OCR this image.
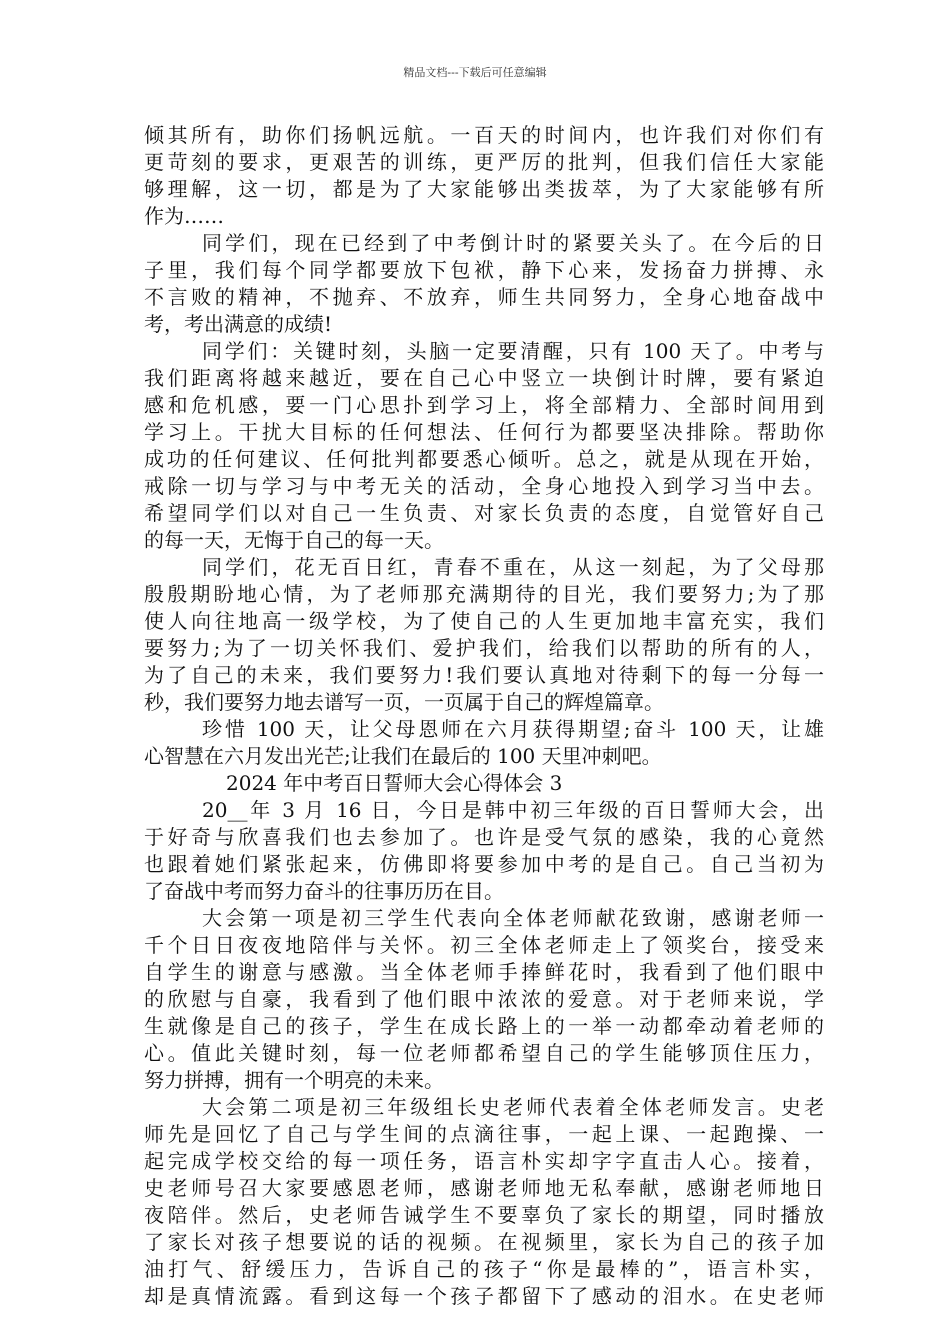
精品文档---下载后可任意编辑
倾其所有，助你们扬帆远航。一百天的时间内，也许我们对你们有
更苛刻的要求，更艰苦的训练，更严厉的批判，但我们信任大家能
够理解，这一切，都是为了大家能够出类拔萃，为了大家能够有所
作为……
同学们，现在已经到了中考倒计时的紧要关头了。在今后的日
子里，我们每个同学都要放下包袱，静下心来，发扬奋力拼搏、永
不言败的精神，不抛弃、不放弃，师生共同努力，全身心地奋战中
考，考出满意的成绩!
同学们：关键时刻，头脑一定要清醒，只有 100 天了。中考与
我们距离将越来越近，要在自己心中竖立一块倒计时牌，要有紧迫
感和危机感，要一门心思扑到学习上，将全部精力、全部时间用到
学习上。干扰大目标的任何想法、任何行为都要坚决排除。帮助你
成功的任何建议、任何批判都要悉心倾听。总之，就是从现在开始，
戒除一切与学习与中考无关的活动，全身心地投入到学习当中去。
希望同学们以对自己一生负责、对家长负责的态度，自觉管好自己
的每一天，无悔于自己的每一天。
同学们，花无百日红，青春不重在，从这一刻起，为了父母那
殷殷期盼地心情，为了老师那充满期待的目光，我们要努力;为了那
使人向往地高一级学校，为了使自己的人生更加地丰富充实，我们
要努力;为了一切关怀我们、爱护我们，给我们以帮助的所有的人，
为了自己的未来，我们要努力!我们要认真地对待剩下的每一分每一
秒，我们要努力地去谱写一页，一页属于自己的辉煌篇章。
珍惜 100 天，让父母恩师在六月获得期望;奋斗 100 天，让雄
心智慧在六月发出光芒;让我们在最后的 100 天里冲刺吧。
2024 年中考百日誓师大会心得体会 3
20__年 3 月 16 日，今日是韩中初三年级的百日誓师大会，出
于好奇与欣喜我们也去参加了。也许是受气氛的感染，我的心竟然
也跟着她们紧张起来，仿佛即将要参加中考的是自己。自己当初为
了奋战中考而努力奋斗的往事历历在目。
大会第一项是初三学生代表向全体老师献花致谢，感谢老师一
千个日日夜夜地陪伴与关怀。初三全体老师走上了领奖台，接受来
自学生的谢意与感激。当全体老师手捧鲜花时，我看到了他们眼中
的欣慰与自豪，我看到了他们眼中浓浓的爱意。对于老师来说，学
生就像是自己的孩子，学生在成长路上的一举一动都牵动着老师的
心。值此关键时刻，每一位老师都希望自己的学生能够顶住压力，
努力拼搏，拥有一个明亮的未来。
大会第二项是初三年级组长史老师代表着全体老师发言。史老
师先是回忆了自己与学生间的点滴往事，一起上课、一起跑操、一
起完成学校交给的每一项任务，语言朴实却字字直击人心。接着，
史老师号召大家要感恩老师，感谢老师地无私奉献，感谢老师地日
夜陪伴。然后，史老师告诫学生不要辜负了家长的期望，同时播放
了家长对孩子想要说的话的视频。在视频里，家长为自己的孩子加
油打气、舒缓压力，告诉自己的孩子“你是最棒的”，语言朴实，
却是真情流露。看到这每一个孩子都留下了感动的泪水。在史老师
